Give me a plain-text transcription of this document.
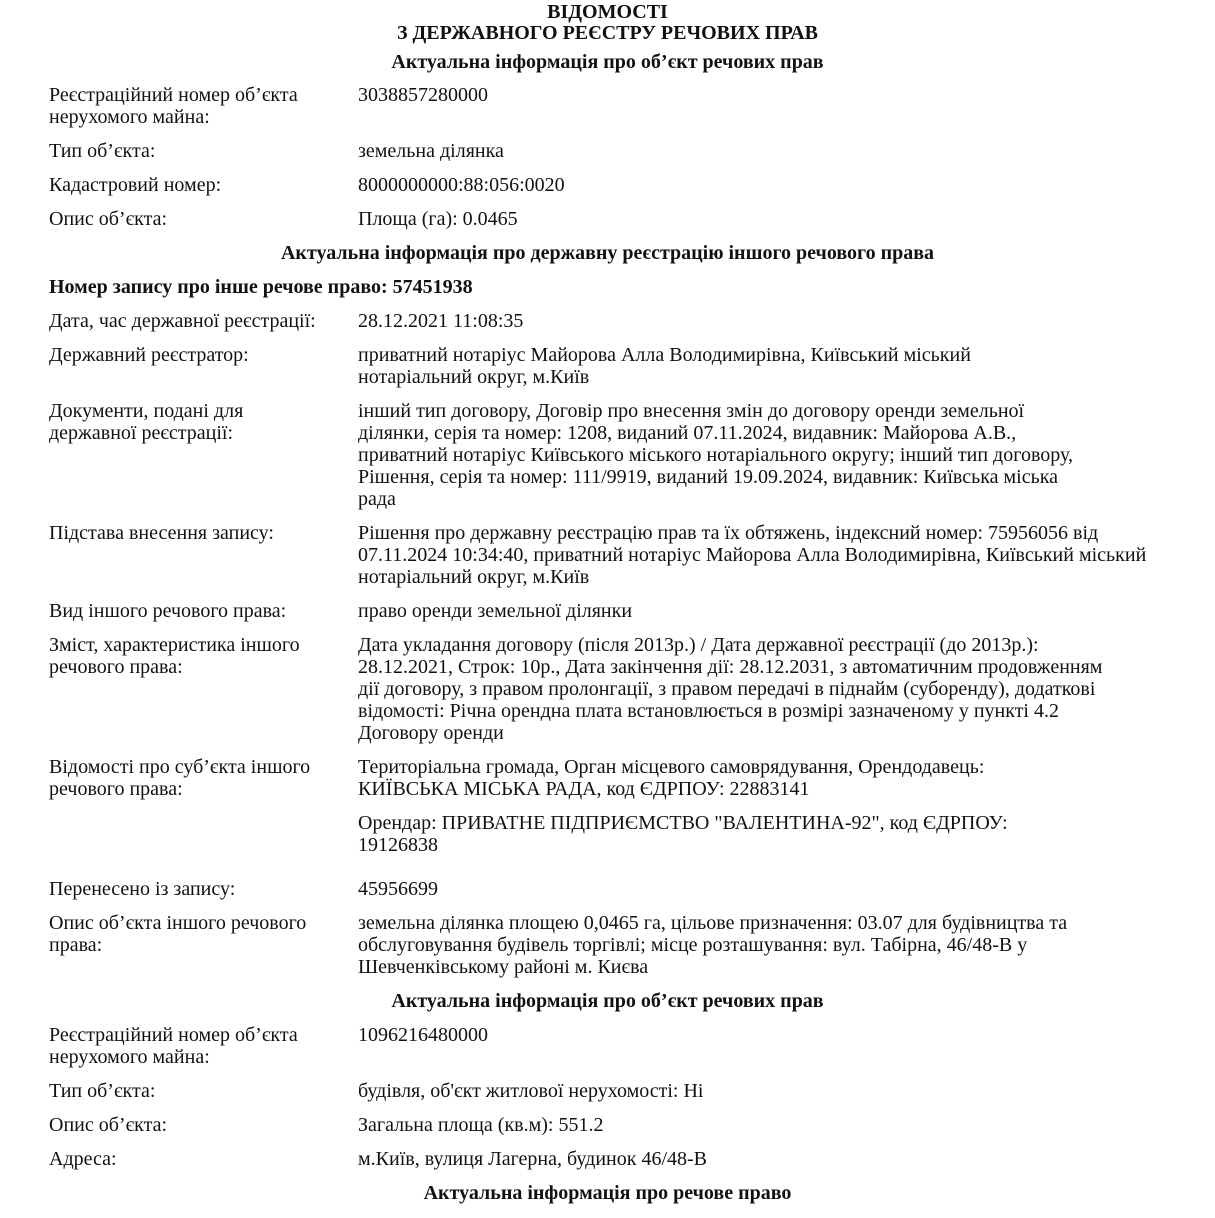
ВІДОМОСТІ

З ДЕРЖАВНОГО РЕЄСТРУ РЕЧОВИХ ПРАВ

Актуальна інформація про об’єкт речових прав

Реєстраційний номер об’єкта нерухомого майна:
3038857280000
Тип об’єкта:	земельна ділянка
Кадастровий номер:	8000000000:88:056:0020
Опис об’єкта:	Площа (га): 0.0465

Актуальна інформація про державну реєстрацію іншого речового права

Номер запису про інше речове право: 57451938
Дата, час державної реєстрації:	28.12.2021 11:08:35
Державний реєстратор:	приватний нотаріус Майорова Алла Володимирівна, Київський міський нотаріальний округ, м.Київ
Документи, подані для державної реєстрації:
інший тип договору, Договір про внесення змін до договору оренди земельної ділянки, серія та номер: 1208, виданий 07.11.2024, видавник: Майорова А.В., приватний нотаріус Київського міського нотаріального округу; інший тип договору, Рішення, серія та номер: 111/9919, виданий 19.09.2024, видавник: Київська міська рада
Підстава внесення запису:	Рішення про державну реєстрацію прав та їх обтяжень, індексний номер: 75956056 від 07.11.2024 10:34:40, приватний нотаріус Майорова Алла Володимирівна, Київський міський нотаріальний округ, м.Київ
Вид іншого речового права:	право оренди земельної ділянки
Зміст, характеристика іншого речового права:
Дата укладання договору (після 2013р.) / Дата державної реєстрації (до 2013р.): 28.12.2021, Строк: 10р., Дата закінчення дії: 28.12.2031, з автоматичним продовженням дії договору, з правом пролонгації, з правом передачі в піднайм (суборенду), додаткові відомості: Річна орендна плата встановлюється в розмірі зазначеному у пункті 4.2 Договору оренди
Відомості про суб’єкта іншого речового права:

Територіальна громада, Орган місцевого самоврядування, Орендодавець: КИЇВСЬКА МІСЬКА РАДА, код ЄДРПОУ: 22883141

Орендар: ПРИВАТНЕ ПІДПРИЄМСТВО "ВАЛЕНТИНА-92", код ЄДРПОУ: 19126838

Перенесено із запису:	45956699
Опис об’єкта іншого речового права:
земельна ділянка площею 0,0465 га, цільове призначення: 03.07 для будівництва та обслуговування будівель торгівлі; місце розташування: вул. Табірна, 46/48-В у Шевченківському районі м. Києва

Актуальна інформація про об’єкт речових прав

Реєстраційний номер об’єкта нерухомого майна:
1096216480000
Тип об’єкта:	будівля, об'єкт житлової нерухомості: Ні
Опис об’єкта:	Загальна площа (кв.м): 551.2
Адреса:	м.Київ, вулиця Лагерна, будинок 46/48-В

Актуальна інформація про речове право
